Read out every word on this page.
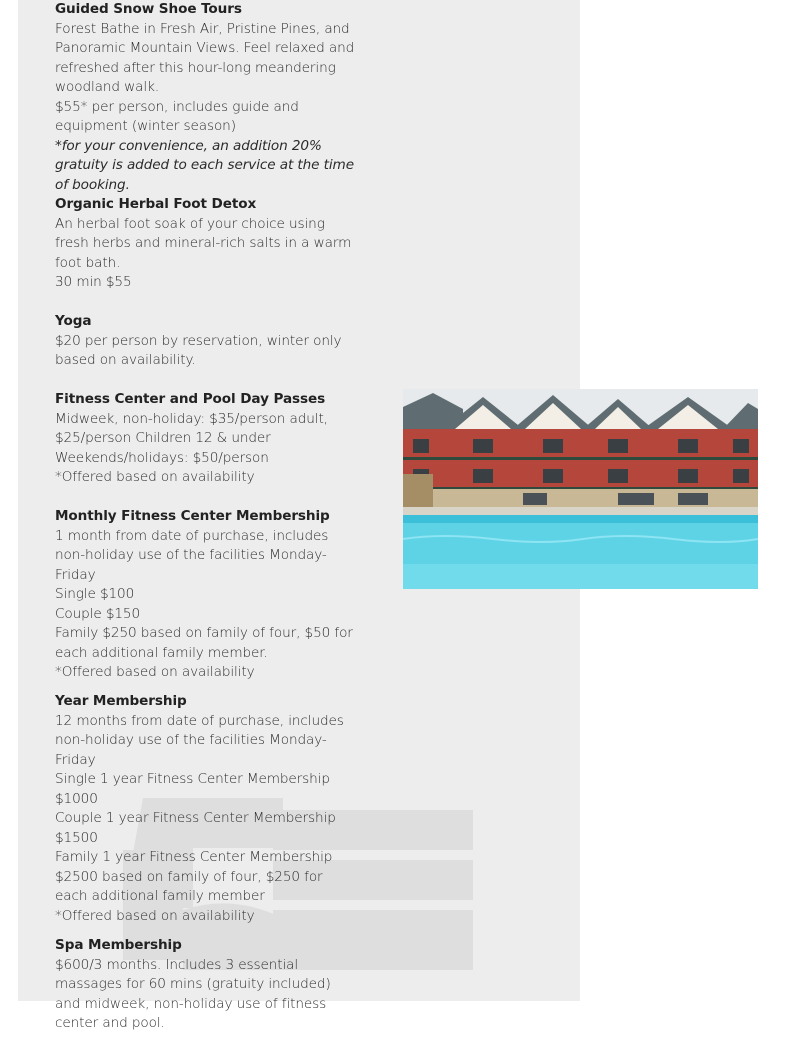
Guided Snow Shoe Tours

Forest Bathe in Fresh Air, Pristine Pines, and Panoramic Mountain Views. Feel relaxed and refreshed after this hour-long meandering woodland walk.

$55* per person, includes guide and equipment (winter season)

*for your convenience, an addition 20% gratuity is added to each service at the time of booking.

Organic Herbal Foot Detox

An herbal foot soak of your choice using fresh herbs and mineral-rich salts in a warm foot bath.

30 min $55

Yoga

$20 per person by reservation, winter only based on availability.

Fitness Center and Pool Day Passes

Midweek, non-holiday: $35/person adult, $25/person Children 12 & under

Weekends/holidays: $50/person

*Offered based on availability

Monthly Fitness Center Membership

1 month from date of purchase, includes non-holiday use of the facilities Monday-Friday

Single $100

Couple $150

Family $250 based on family of four, $50 for each additional family member.

*Offered based on availability

Year Membership

12 months from date of purchase, includes non-holiday use of the facilities Monday-Friday

Single 1 year Fitness Center Membership $1000

Couple 1 year Fitness Center Membership $1500

Family 1 year Fitness Center Membership $2500 based on family of four, $250 for each additional family member

*Offered based on availability

Spa Membership

$600/3 months. Includes 3 essential massages for 60 mins (gratuity included) and midweek, non-holiday use of fitness center and pool.
